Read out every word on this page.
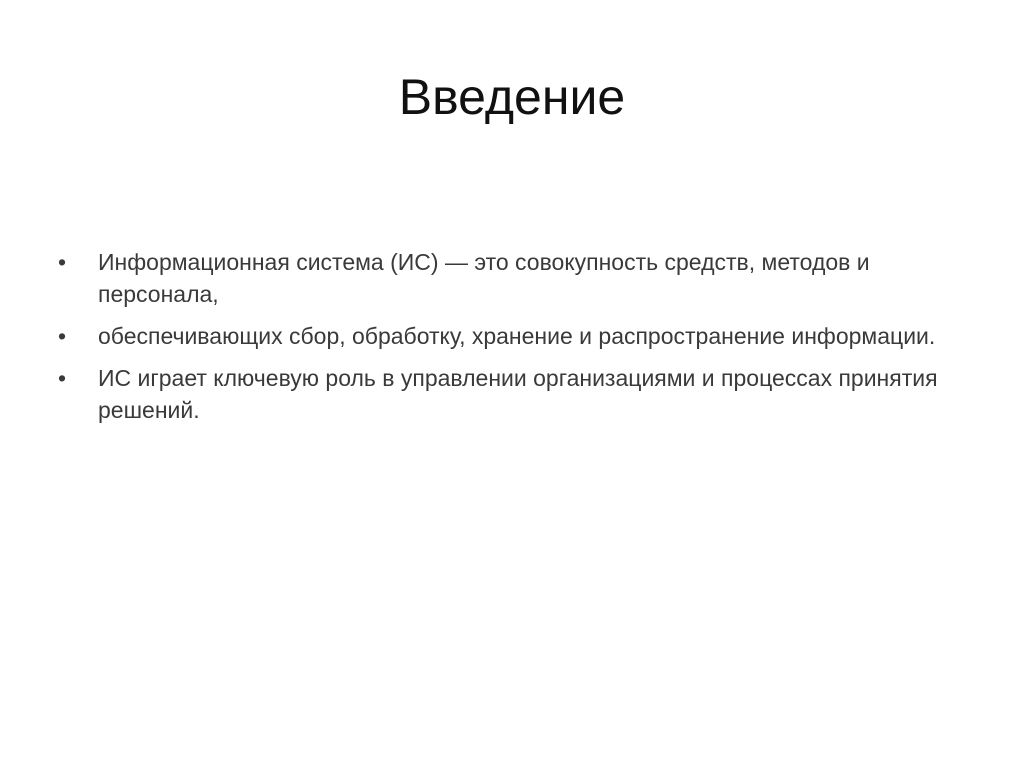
Введение
•	Информационная система (ИС) — это совокупность средств, методов и персонала,
•	обеспечивающих сбор, обработку, хранение и распространение информации.
•	ИС играет ключевую роль в управлении организациями и процессах принятия решений.
